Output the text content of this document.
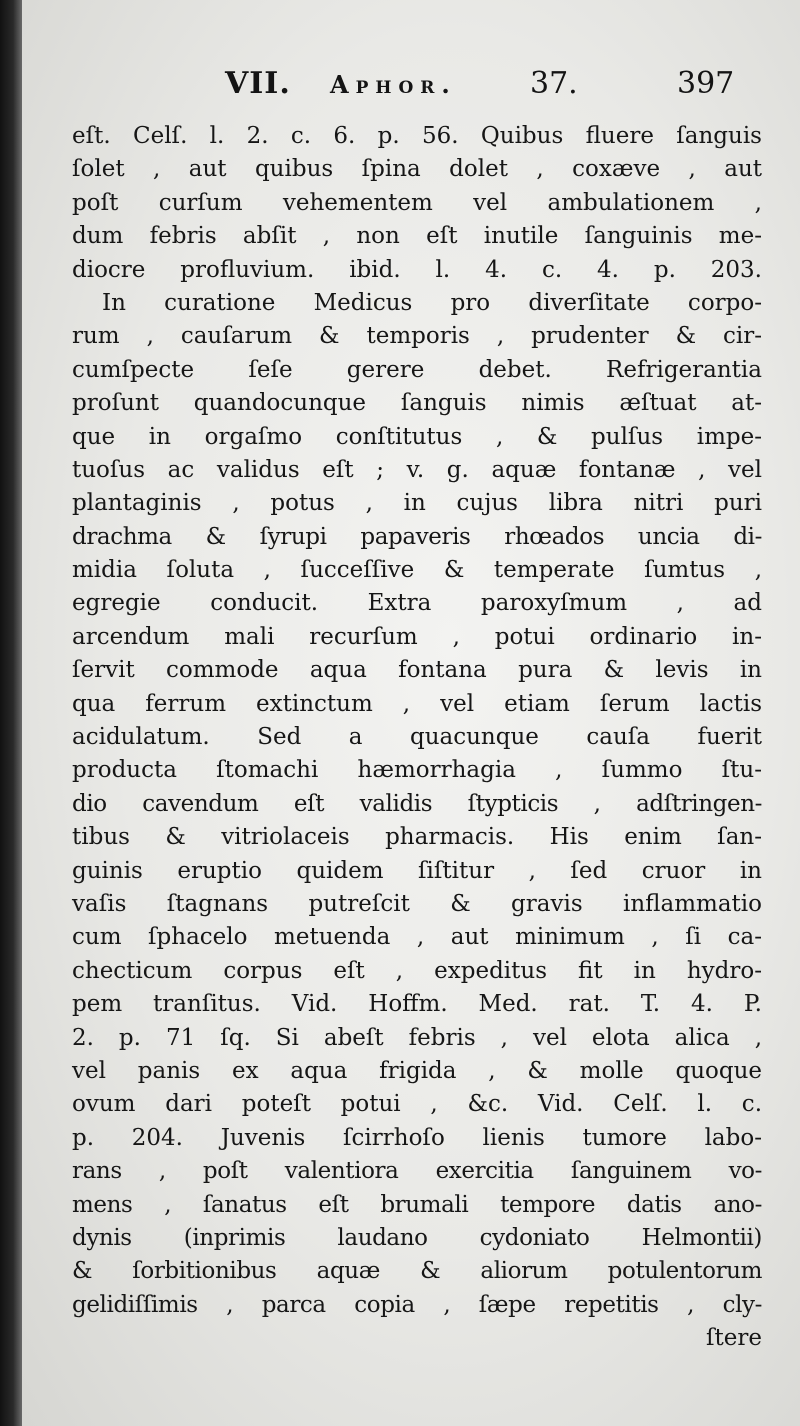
VII. Aphor. 37.	397
eſt. Celſ. l. 2. c. 6. p. 56. Quibus fluere ſanguis
ſolet , aut quibus ſpina dolet , coxæve , aut
poſt curſum vehementem vel ambulationem ,
dum febris abſit , non eſt inutile ſanguinis me-
diocre profluvium. ibid. l. 4. c. 4. p. 203.
In curatione Medicus pro diverſitate corpo-
rum , cauſarum & temporis , prudenter & cir-
cumſpecte ſeſe gerere debet. Refrigerantia
proſunt quandocunque ſanguis nimis æſtuat at-
que in orgaſmo conſtitutus , & pulſus impe-
tuoſus ac validus eſt ; v. g. aquæ fontanæ , vel
plantaginis , potus , in cujus libra nitri puri
drachma & ſyrupi papaveris rhœados uncia di-
midia ſoluta , ſucceſſive & temperate ſumtus ,
egregie conducit. Extra paroxyſmum , ad
arcendum mali recurſum , potui ordinario in-
ſervit commode aqua fontana pura & levis in
qua ferrum extinctum , vel etiam ſerum lactis
acidulatum. Sed a quacunque cauſa fuerit
producta ſtomachi hæmorrhagia , ſummo ſtu-
dio cavendum eſt validis ſtypticis , adſtringen-
tibus & vitriolaceis pharmacis. His enim ſan-
guinis eruptio quidem ſiſtitur , ſed cruor in
vaſis ſtagnans putreſcit & gravis inflammatio
cum ſphacelo metuenda , aut minimum , ſi ca-
checticum corpus eſt , expeditus fit in hydro-
pem tranſitus. Vid. Hoffm. Med. rat. T. 4. P.
2. p. 71 ſq. Si abeſt febris , vel elota alica ,
vel panis ex aqua frigida , & molle quoque
ovum dari poteſt potui , &c. Vid. Celſ. l. c.
p. 204. Juvenis ſcirrhoſo lienis tumore labo-
rans , poſt valentiora exercitia ſanguinem vo-
mens , ſanatus eſt brumali tempore datis ano-
dynis (inprimis laudano cydoniato Helmontii)
& ſorbitionibus aquæ & aliorum potulentorum
gelidiſſimis , parca copia , ſæpe repetitis , cly-
ſtere
